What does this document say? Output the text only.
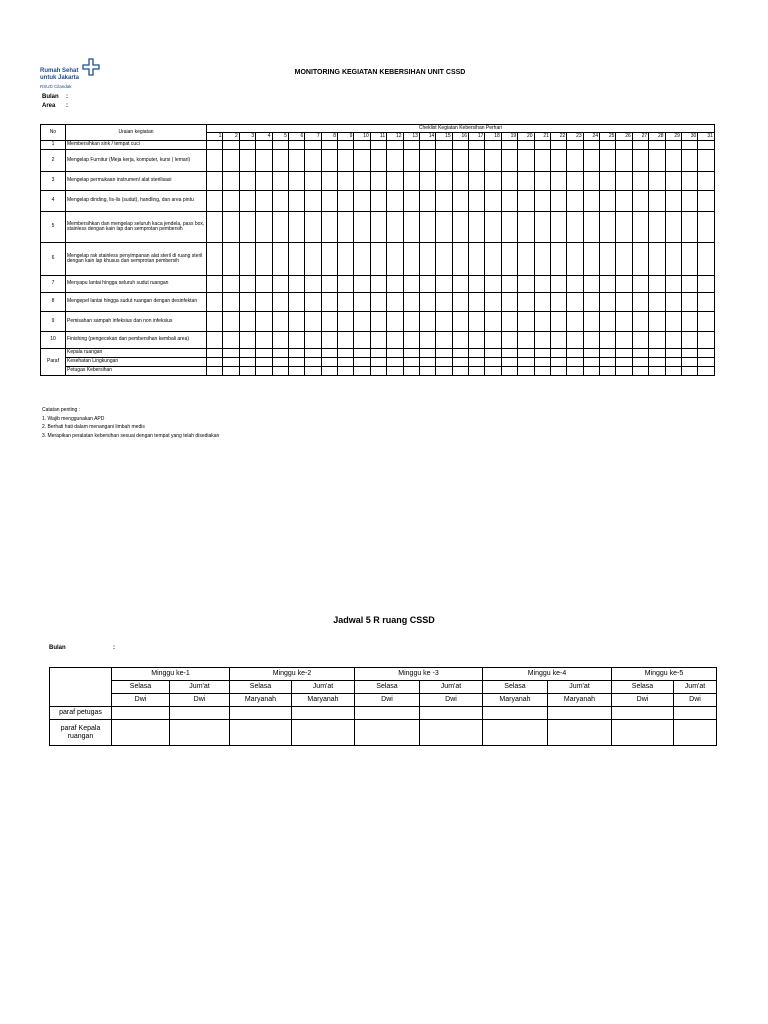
Rumah Sehat
untuk Jakarta
RSUD Cilandak
MONITORING KEGIATAN KEBERSIHAN UNIT CSSD
Bulan :
Area :
No	Uraian kegiatan	Cheklist Kegiatan Kebersihan Perhari																														
		1	2	3	4	5	6	7	8	9	10	11	12	13	14	15	16	17	18	19	20	21	22	23	24	25	26	27	28	29	30	31
1	Membersihkan sink / tempat cuci																															
2	Mengelap Furnitur (Meja kerja, komputer, kursi ( lemari)																															
3	Mengelap permukaan instrumen/ alat sterilisasi																															
4	Mengelap dinding, lis-lis (sudut), handling, dan area pintu																															
5	Membersihkan dan mengelap seluruh kaca jendela, pass box, stainless dengan kain lap dan semprotan pembersih																															
6	Mengelap rak stainless penyimpanan alat steril di ruang steril dengan kain lap khusus dan semprotan pembersih																															
7	Menyapu lantai hingga seluruh sudut ruangan																															
8	Mengepel lantai hingga sudut ruangan dengan desinfektan																															
9	Pemisahan sampah infeksius dan non infeksius																															
10	Finishing (pengecekan dan pembersihan kembali area)																															
Paraf	Kepala ruangan																															
	Kesehatan Lingkungan																															
	Petugas Kebersihan																															
Catatan penting :
1. Wajib menggunakan APD
2. Berhati hati dalam menangani limbah medis
3. Merapikan peralatan kebersihan sesuai dengan tempat yang telah disediakan
Jadwal 5 R ruang CSSD
Bulan	:
	Minggu ke-1		Minggu ke-2		Minggu ke -3		Minggu ke-4		Minggu ke-5	
	Selasa	Jum'at	Selasa	Jum'at	Selasa	Jum'at	Selasa	Jum'at	Selasa	Jum'at
	Dwi	Dwi	Maryanah	Maryanah	Dwi	Dwi	Maryanah	Maryanah	Dwi	Dwi
paraf petugas										
paraf Kepala ruangan										
